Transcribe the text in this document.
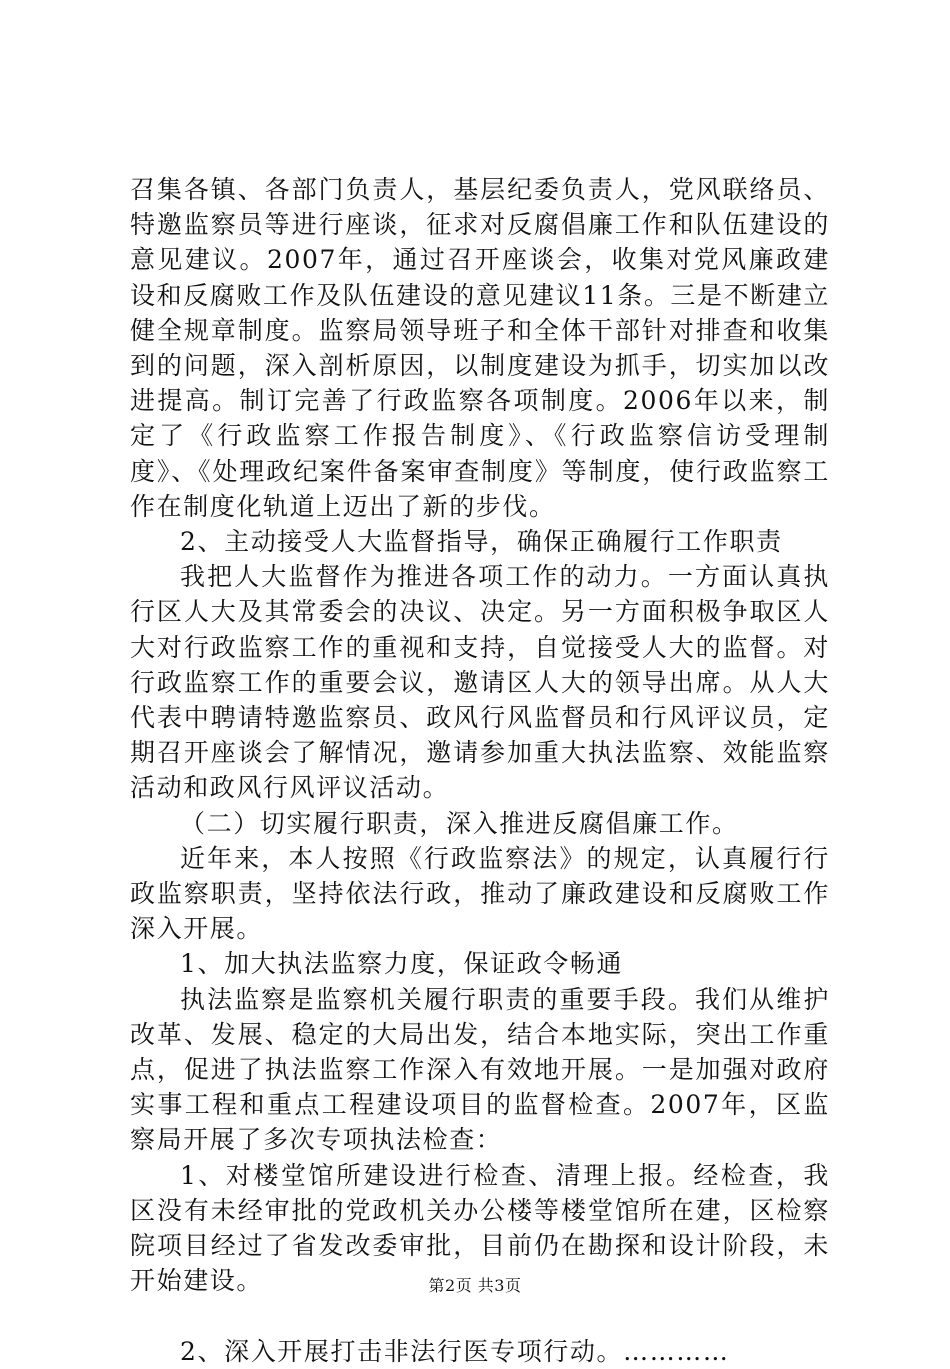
召集各镇、各部门负责人，基层纪委负责人，党风联络员、特邀监察员等进行座谈，征求对反腐倡廉工作和队伍建设的意见建议。2007年，通过召开座谈会，收集对党风廉政建设和反腐败工作及队伍建设的意见建议11条。三是不断建立健全规章制度。监察局领导班子和全体干部针对排查和收集到的问题，深入剖析原因，以制度建设为抓手，切实加以改进提高。制订完善了行政监察各项制度。2006年以来，制定了《行政监察工作报告制度》、《行政监察信访受理制度》、《处理政纪案件备案审查制度》等制度，使行政监察工作在制度化轨道上迈出了新的步伐。

2、主动接受人大监督指导，确保正确履行工作职责

我把人大监督作为推进各项工作的动力。一方面认真执行区人大及其常委会的决议、决定。另一方面积极争取区人大对行政监察工作的重视和支持，自觉接受人大的监督。对行政监察工作的重要会议，邀请区人大的领导出席。从人大代表中聘请特邀监察员、政风行风监督员和行风评议员，定期召开座谈会了解情况，邀请参加重大执法监察、效能监察活动和政风行风评议活动。

（二）切实履行职责，深入推进反腐倡廉工作。

近年来，本人按照《行政监察法》的规定，认真履行行政监察职责，坚持依法行政，推动了廉政建设和反腐败工作深入开展。

1、加大执法监察力度，保证政令畅通

执法监察是监察机关履行职责的重要手段。我们从维护改革、发展、稳定的大局出发，结合本地实际，突出工作重点，促进了执法监察工作深入有效地开展。一是加强对政府实事工程和重点工程建设项目的监督检查。2007年，区监察局开展了多次专项执法检查：

1、对楼堂馆所建设进行检查、清理上报。经检查，我区没有未经审批的党政机关办公楼等楼堂馆所在建，区检察院项目经过了省发改委审批，目前仍在勘探和设计阶段，未开始建设。

2、深入开展打击非法行医专项行动。…………

第2页 共3页
